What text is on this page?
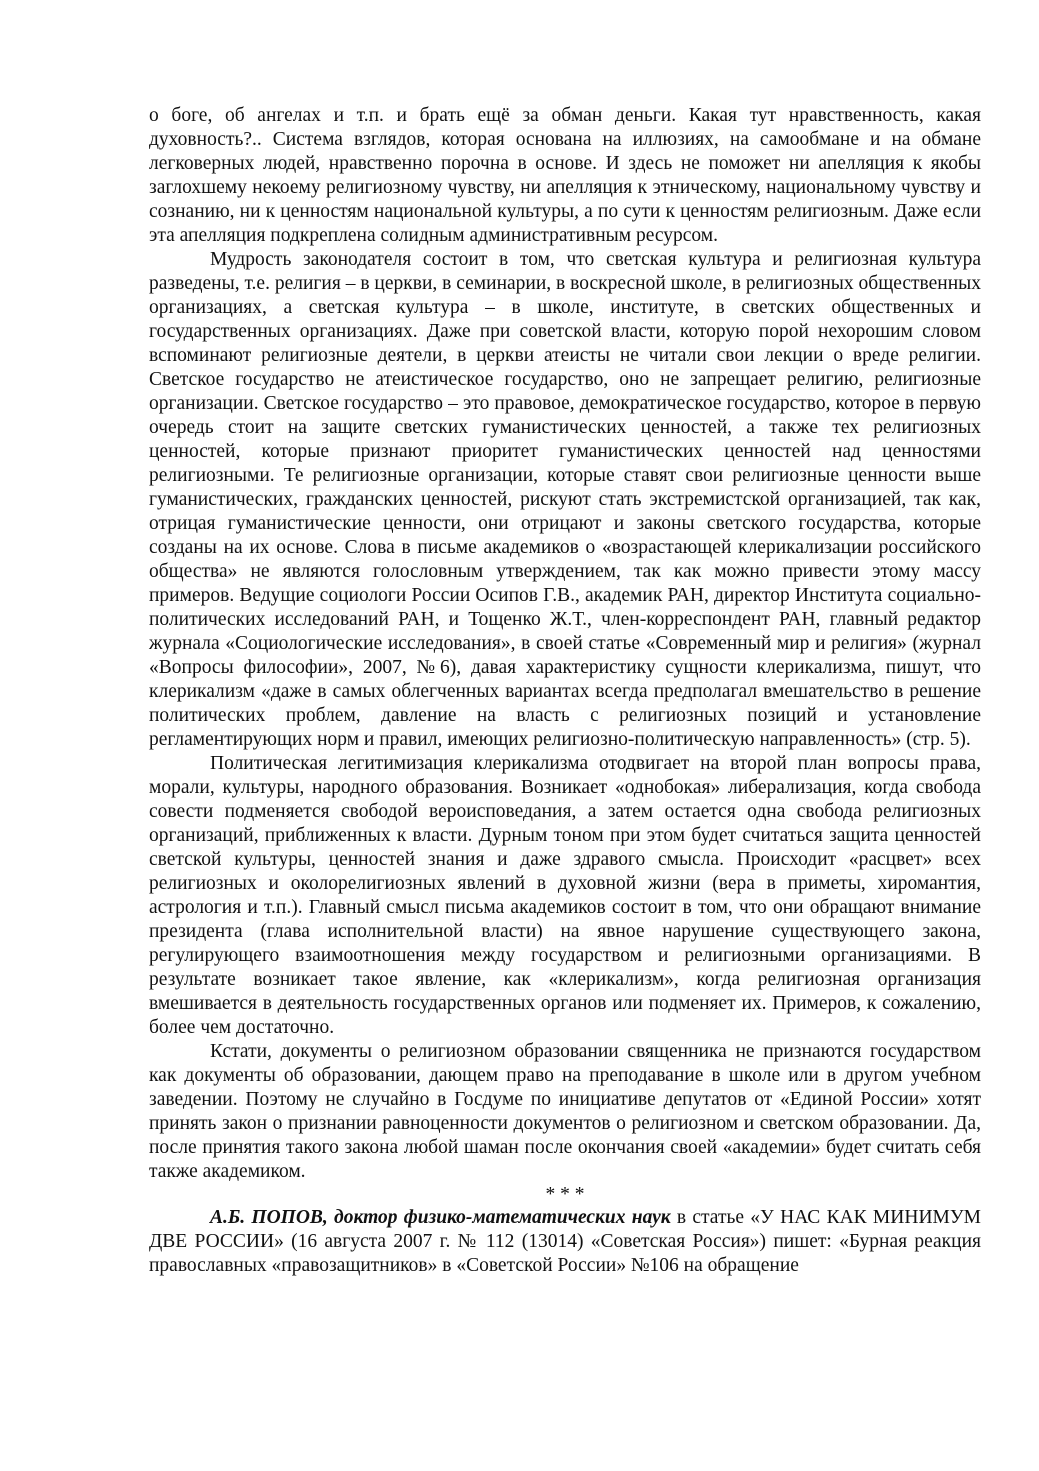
о боге, об ангелах и т.п. и брать ещё за обман деньги. Какая тут нравственность, какая духовность?.. Система взглядов, которая основана на иллюзиях, на самообмане и на обмане легковерных людей, нравственно порочна в основе. И здесь не поможет ни апелляция к якобы заглохшему некоему религиозному чувству, ни апелляция к этническому, национальному чувству и сознанию, ни к ценностям национальной культуры, а по сути к ценностям религиозным. Даже если эта апелляция подкреплена солидным административным ресурсом.

Мудрость законодателя состоит в том, что светская культура и религиозная культура разведены, т.е. религия – в церкви, в семинарии, в воскресной школе, в религиозных общественных организациях, а светская культура – в школе, институте, в светских общественных и государственных организациях. Даже при советской власти, которую порой нехорошим словом вспоминают религиозные деятели, в церкви атеисты не читали свои лекции о вреде религии. Светское государство не атеистическое государство, оно не запрещает религию, религиозные организации. Светское государство – это правовое, демократическое государство, которое в первую очередь стоит на защите светских гуманистических ценностей, а также тех религиозных ценностей, которые признают приоритет гуманистических ценностей над ценностями религиозными. Те религиозные организации, которые ставят свои религиозные ценности выше гуманистических, гражданских ценностей, рискуют стать экстремистской организацией, так как, отрицая гуманистические ценности, они отрицают и законы светского государства, которые созданы на их основе. Слова в письме академиков о «возрастающей клерикализации российского общества» не являются голословным утверждением, так как можно привести этому массу примеров. Ведущие социологи России Осипов Г.В., академик РАН, директор Института социально-политических исследований РАН, и Тощенко Ж.Т., член-корреспондент РАН, главный редактор журнала «Социологические исследования», в своей статье «Современный мир и религия» (журнал «Вопросы философии», 2007, №6), давая характеристику сущности клерикализма, пишут, что клерикализм «даже в самых облегченных вариантах всегда предполагал вмешательство в решение политических проблем, давление на власть с религиозных позиций и установление регламентирующих норм и правил, имеющих религиозно-политическую направленность» (стр. 5).

Политическая легитимизация клерикализма отодвигает на второй план вопросы права, морали, культуры, народного образования. Возникает «однобокая» либерализация, когда свобода совести подменяется свободой вероисповедания, а затем остается одна свобода религиозных организаций, приближенных к власти. Дурным тоном при этом будет считаться защита ценностей светской культуры, ценностей знания и даже здравого смысла. Происходит «расцвет» всех религиозных и околорелигиозных явлений в духовной жизни (вера в приметы, хиромантия, астрология и т.п.). Главный смысл письма академиков состоит в том, что они обращают внимание президента (глава исполнительной власти) на явное нарушение существующего закона, регулирующего взаимоотношения между государством и религиозными организациями. В результате возникает такое явление, как «клерикализм», когда религиозная организация вмешивается в деятельность государственных органов или подменяет их. Примеров, к сожалению, более чем достаточно.

Кстати, документы о религиозном образовании священника не признаются государством как документы об образовании, дающем право на преподавание в школе или в другом учебном заведении. Поэтому не случайно в Госдуме по инициативе депутатов от «Единой России» хотят принять закон о признании равноценности документов о религиозном и светском образовании. Да, после принятия такого закона любой шаман после окончания своей «академии» будет считать себя также академиком.

* * *

А.Б. ПОПОВ, доктор физико-математических наук в статье «У НАС КАК МИНИМУМ ДВЕ РОССИИ» (16 августа 2007 г. № 112 (13014) «Советская Россия») пишет: «Бурная реакция православных «правозащитников» в «Советской России» №106 на обращение
